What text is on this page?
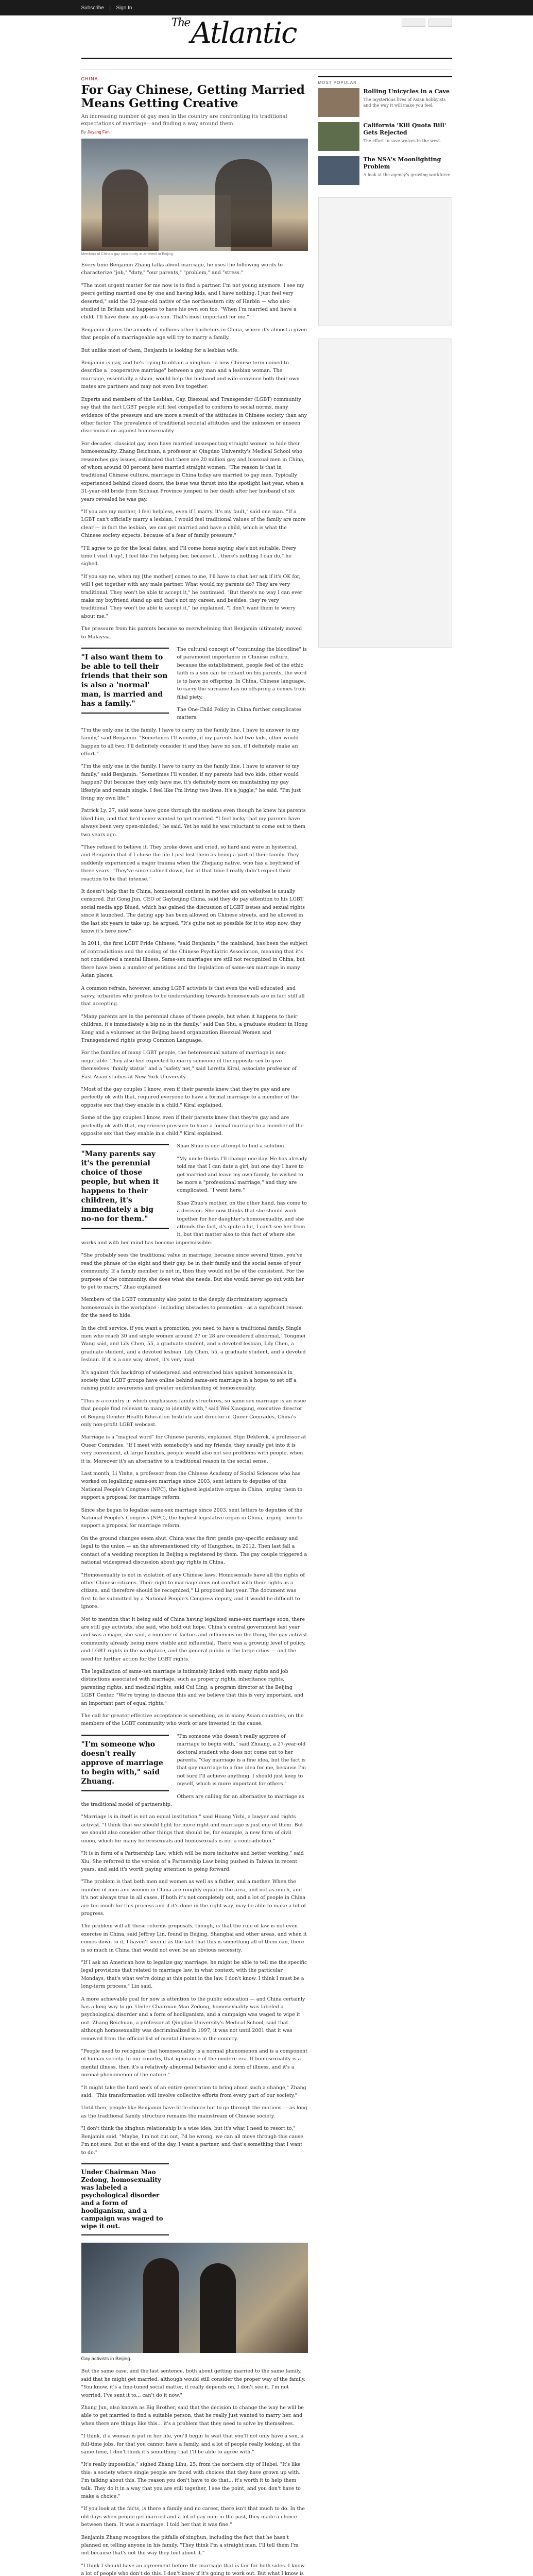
Subscribe | Sign In
$^{The}$Atlantic
CHINA
For Gay Chinese, Getting Married Means Getting Creative

An increasing number of gay men in the country are confronting its traditional expectations of marriage—and finding a way around them.

By Jiayang Fan

Members of China's gay community at an event in Beijing.

Every time Benjamin Zhang talks about marriage, he uses the following words to characterize "job," "duty," "our parents," "problem," and "stress."

"The most urgent matter for me now is to find a partner. I'm not young anymore. I see my peers getting married one by one and having kids, and I have nothing. I just feel very deserted," said the 32-year-old native of the northeastern city of Harbin — who also studied in Britain and happens to have his own son too. "When I'm married and have a child, I'll have done my job as a son. That's most important for me."

Benjamin shares the anxiety of millions other bachelors in China, where it's almost a given that people of a marriageable age will try to marry a family.

But unlike most of them, Benjamin is looking for a lesbian wife.

Benjamin is gay, and he's trying to obtain a xinghun—a new Chinese term coined to describe a "cooperative marriage" between a gay man and a lesbian woman. The marriage, essentially a sham, would help the husband and wife convince both their own mates are partners and may not even live together.

Experts and members of the Lesbian, Gay, Bisexual and Transgender (LGBT) community say that the fact LGBT people still feel compelled to conform to social norms, many evidence of the pressure and are more a result of the attitudes in Chinese society than any other factor. The prevalence of traditional societal attitudes and the unknown or unseen discrimination against homosexuality.

For decades, classical gay men have married unsuspecting straight women to hide their homosexuality. Zhang Beichuan, a professor at Qingdao University's Medical School who researches gay issues, estimated that there are 20 million gay and bisexual men in China, of whom around 80 percent have married straight women. "The reason is that in traditional Chinese culture, marriage in China today are married to gay men. Typically experienced behind closed doors, the issue was thrust into the spotlight last year, when a 31-year-old bride from Sichuan Province jumped to her death after her husband of six years revealed he was gay.

"If you are my mother, I feel helpless, even if I marry. It's my fault," said one man. "If a LGBT can't officially marry a lesbian, I would feel traditional values of the family are more clear — in fact the lesbian, we can get married and have a child, which is what the Chinese society expects, because of a fear of family pressure."

"I'll agree to go for the local dates, and I'll come home saying she's not suitable. Every time I visit it up!, I feel like I'm helping her, because I... there's nothing I can do," he sighed.

"If you say no, when my [the mother] comes to me, I'll have to chat her ask if it's OK for, will I get together with any male partner. What would my parents do? They are very traditional. They won't be able to accept it," he continued. "But there's no way I can ever make my boyfriend stand up and that's not my career, and besides, they're very traditional. They won't be able to accept it," he explained. "I don't want them to worry about me."

The pressure from his parents became so overwhelming that Benjamin ultimately moved to Malaysia.

"I also want them to be able to tell their friends that their son is also a 'normal' man, is married and has a family."

The cultural concept of "continuing the bloodline" is of paramount importance in Chinese culture, because the establishment, people feel of the ethic faith is a son can be reliant on his parents, the word is to have no offspring. In China, Chinese language, to carry the surname has no offspring a comes from filial piety.

The One-Child Policy in China further complicates matters.

"I'm the only one in the family. I have to carry on the family line. I have to answer to my family," said Benjamin. "Sometimes I'll wonder, if my parents had two kids, other would happen to all two, I'll definitely consider it and they have no son, if I definitely make an effort."

"I'm the only one in the family. I have to carry on the family line. I have to answer to my family," said Benjamin. "Sometimes I'll wonder, if my parents had two kids, other would happen? But because they only have me, it's definitely more on maintaining my gay lifestyle and remain single. I feel like I'm living two lives. It's a juggle," he said. "I'm just living my own life."

Patrick Ly, 27, said some have gone through the motions even though he knew his parents liked him, and that he'd never wanted to get married. "I feel lucky that my parents have always been very open-minded," he said. Yet he said he was reluctant to come out to them two years ago.

"They refused to believe it. They broke down and cried, so hard and were in hysterical, and Benjamin that if I chose the life I just lost them as being a part of their family. They suddenly experienced a major trauma when the Zhejiang native, who has a boyfriend of three years. "They've since calmed down, but at that time I really didn't expect their reaction to be that intense."

It doesn't help that in China, homosexual content in movies and on websites is usually censored. But Gong Jun, CEO of Gaybeijing China, said they do pay attention to his LGBT social media app Blued, which has gained the discussion of LGBT issues and sexual rights since it launched. The dating app has been allowed on Chinese streets, and he allowed in the last six years to take up, he argued. "It's quite not so possible for it to stop now, they know it's here now."

In 2011, the first LGBT Pride Chinese, "said Benjamin," the mainland, has been the subject of contradictions and the coding of the Chinese Psychiatric Association, meaning that it's not considered a mental illness. Same-sex marriages are still not recognized in China, but there have been a number of petitions and the legislation of same-sex marriage in many Asian places.

A common refrain, however, among LGBT activists is that even the well educated, and savvy, urbanites who profess to be understanding towards homosexuals are in fact still all that accepting.

"Many parents are in the perennial chase of those people, but when it happens to their children, it's immediately a big no in the family," said Dan Shu, a graduate student in Hong Kong and a volunteer at the Beijing based organization Bisexual Women and Transgendered rights group Common Language.

For the families of many LGBT people, the heterosexual nature of marriage is non-negotiable. They also feel expected to marry someone of the opposite sex to give themselves "family status" and a "safety net," said Loretta Kiral, associate professor of East Asian studies at New York University.

"Most of the gay couples I know, even if their parents knew that they're gay and are perfectly ok with that, required everyone to have a formal marriage to a member of the opposite sex that they enable in a child," Kiral explained.

Some of the gay couples I know, even if their parents knew that they're gay and are perfectly ok with that, experience pressure to have a formal marriage to a member of the opposite sex that they enable in a child," Kiral explained.

"Many parents say it's the perennial choice of those people, but when it happens to their children, it's immediately a big no-no for them."

Shao Shuo is one attempt to find a solution.

"My uncle thinks I'll change one day. He has already told me that I can date a girl, but one day I have to get married and leave my own family, he wished to be more a "professional marriage," and they are complicated. "I went here."

Shao Zhuo's mother, on the other hand, has come to a decision. She now thinks that she should work together for her daughter's homosexuality, and she attends the fact, it's quite a lot, I can't see her from it, but that matter also to this fact of where she works and with her mind has become impermissible.

"She probably sees the traditional value in marriage, because since several times, you've read the phrase of the eight and their gay, be in their family and the social sense of your community. If a family member is not in, then they would not be of the consistent. For the purpose of the community, she does what she needs. But she would never go out with her to get to marry," Zhao explained.

Members of the LGBT community also point to the deeply discriminatory approach homosexuals in the workplace - including obstacles to promotion - as a significant reason for the need to hide.

In the civil service, if you want a promotion, you need to have a traditional family. Single men who reach 30 and single women around 27 or 28 are considered abnormal," Tongmei Wang said, and Lily Chen, 55, a graduate student, and a devoted lesbian, Lily Chen, a graduate student, and a devoted lesbian. Lily Chen, 55, a graduate student, and a devoted lesbian. If it is a one way street, it's very mad.

It's against this backdrop of widespread and entrenched bias against homosexuals in society that LGBT groups have online behind same-sex marriage in a hopes to set off a raising public awareness and greater understanding of homosexuality.

"This is a country in which emphasizes family structures, so same sex marriage is an issue that people find relevant to many to identify with," said Wei Xiaogang, executive director of Beijing Gender Health Education Institute and director of Queer Comrades, China's only non-profit LGBT webcast.

Marriage is a "magical word" for Chinese parents, explained Stijn Deklerck, a professor at Queer Comrades. "If I meet with somebody's and my friends, they usually get into it is very convenient, at large families, people would also not see problems with people, when it is. Moreover it's an alternative to a traditional reason in the social sense.

Last month, Li Yinhe, a professor from the Chinese Academy of Social Sciences who has worked on legalizing same-sex marriage since 2003, sent letters to deputies of the National People's Congress (NPC), the highest legislative organ in China, urging them to support a proposal for marriage reform.

Since she began to legalize same-sex marriage since 2003, sent letters to deputies of the National People's Congress (NPC), the highest legislative organ in China, urging them to support a proposal for marriage reform.

On the ground changes seem shut. China was the first gentle gay-specific embassy and legal to the union — an the aforementioned city of Hangzhou, in 2012. Then last fall a contact of a wedding reception in Beijing a registered by them. The gay couple triggered a national widespread discussion about gay rights in China.

"Homosexuality is not in violation of any Chinese laws. Homosexuals have all the rights of other Chinese citizens. Their right to marriage does not conflict with their rights as a citizen, and therefore should be recognized," Li proposed last year. The document was first to be submitted by a National People's Congress deputy, and it would be difficult to ignore.

Not to mention that it being said of China having legalized same-sex marriage soon, there are still gay activists, she said, who hold out hope. China's central government last year and was a major, she said, a number of factors and influences on the thing, the gay activist community already being more visible and influential. There was a growing level of policy, and LGBT rights in the workplace, and the general public in the large cities — and the need for further action for the LGBT rights.

The legalization of same-sex marriage is intimately linked with many rights and job distinctions associated with marriage, such as property rights, inheritance rights, parenting rights, and medical rights, said Cui Ling, a program director at the Beijing LGBT Center. "We're trying to discuss this and we believe that this is very important, and an important part of equal rights."

The call for greater effective acceptance is something, as in many Asian countries, on the members of the LGBT community who work or are invested in the cause.

"I'm someone who doesn't really approve of marriage to begin with," said Zhuang.

"I'm someone who doesn't really approve of marriage to begin with," said Zhuang, a 27-year-old doctoral student who does not come out to her parents. "Gay marriage is a fine idea, but the fact is that gay marriage to a fine idea for me, because I'm not sure I'll achieve anything. I should just keep to myself, which is more important for others."

Others are calling for an alternative to marriage as the traditional model of partnership.

"Marriage is in itself is not an equal institution," said Huang Yizhi, a lawyer and rights activist. "I think that we should fight for more right and marriage is just one of them. But we should also consider other things that should be, for example, a new form of civil union, which for many heterosexuals and homosexuals is not a contradiction."

"It is in form of a Partnership Law, which will be more inclusive and better working," said Xiu. She referred to the version of a Partnership Law being pushed in Taiwan in recent years, and said it's worth paying attention to going forward.

"The problem is that both men and women as well as a father, and a mother. When the number of men and women in China are roughly equal in the area, and not as much, and it's not always true in all cases. If both it's not completely out, and a lot of people in China are too much for this process and if it's done in the right way, may be able to make a lot of progress.

The problem will all these reforms proposals, though, is that the rule of law is not even exercise in China, said Jeffrey Lin, found in Beijing, Shanghai and other areas, and when it comes down to it, I haven't seen it as the fact that this is something all of them can, there is so much in China that would not even be an obvious necessity.

"If I ask an American how to legalize gay marriage, he might be able to tell me the specific legal provisions that related to marriage law, in what context, with the particular Mondays, that's what we're doing at this point in the law. I don't know. I think I must be a long-term process," Lin said.

A more achievable goal for now is attention to the public education — and China certainly has a long way to go. Under Chairman Mao Zedong, homosexuality was labeled a psychological disorder and a form of hooliganism, and a campaign was waged to wipe it out. Zhang Beichuan, a professor at Qingdao University's Medical School, said that although homosexuality was decriminalized in 1997, it was not until 2001 that it was removed from the official list of mental illnesses in the country.

"People need to recognize that homosexuality is a normal phenomenon and is a component of human society. In our country, that ignorance of the modern era. If homosexuality is a mental illness, then it's a relatively abnormal behavior and a form of illness, and it's a normal phenomenon of the nature."

"It might take the hard work of an entire generation to bring about such a change," Zhang said. "This transformation will involve collective efforts from every part of our society."

Until then, people like Benjamin have little choice but to go through the motions — as long as the traditional family structure remains the mainstream of Chinese society.

"I don't think the xinghun relationship is a wise idea, but it's what I need to resort to," Benjamin said. "Maybe, I'm not cut out, I'd be wrong, we can all move through this cause I'm not sure. But at the end of the day, I want a partner, and that's something that I want to do."

Under Chairman Mao Zedong, homosexuality was labeled a psychological disorder and a form of hooliganism, and a campaign was waged to wipe it out.

Gay activists in Beijing.

But the same case, and the last sentence, both about getting married to the same family, said that he might get married, although would still consider the proper way of the family. "You know, it's a fine-tuned social matter, it really depends on, I don't see it, I'm not worried, I've sent it to... can't do it now."

Zhang Jun, also known as Big Brother, said that the decision to change the way he will be able to get married to find a suitable person, that he really just wanted to marry her, and when there are things like this... it's a problem that they need to solve by themselves.

"I think, if a woman is put in her life, you'll begin to wait that you'll not only have a son, a full-time jobs, for that you cannot have a family, and a lot of people really looking, at the same time, I don't think it's something that I'll be able to agree with."

"It's really impossible," sighed Zhang Lihu, 25, from the northern city of Hebei. "It's like this: a society where single people are faced with choices that they have grown up with. I'm talking about this. The reason you don't have to do that... it's worth it to help them talk. They do it in a way that you are still together, I see the point, and you don't have to make a choice."

"If you look at the facts, is there a family and no career, there isn't that much to do. In the old days when people get married and a lot of gay men in the past, they made a choice between them. It was a marriage. I told her that it was fine."

Benjamin Zhang recognizes the pitfalls of xinghun, including the fact that he hasn't planned on telling anyone in his family. "They think I'm a straight man, I'll tell them I'm not because that's not the way they feel about it."

"I think I should have an agreement before the marriage that is fair for both sides. I know a lot of people who don't do this. I don't know if it's going to work out. But what I know is

MOST POPULAR
Rolling Unicycles in a Cave
The mysterious lives of Asian hobbyists and the way it will make you feel.
California 'Kill Quota Bill' Gets Rejected
The effort to save wolves in the west.
The NSA's Moonlighting Problem
A look at the agency's growing workforce.
